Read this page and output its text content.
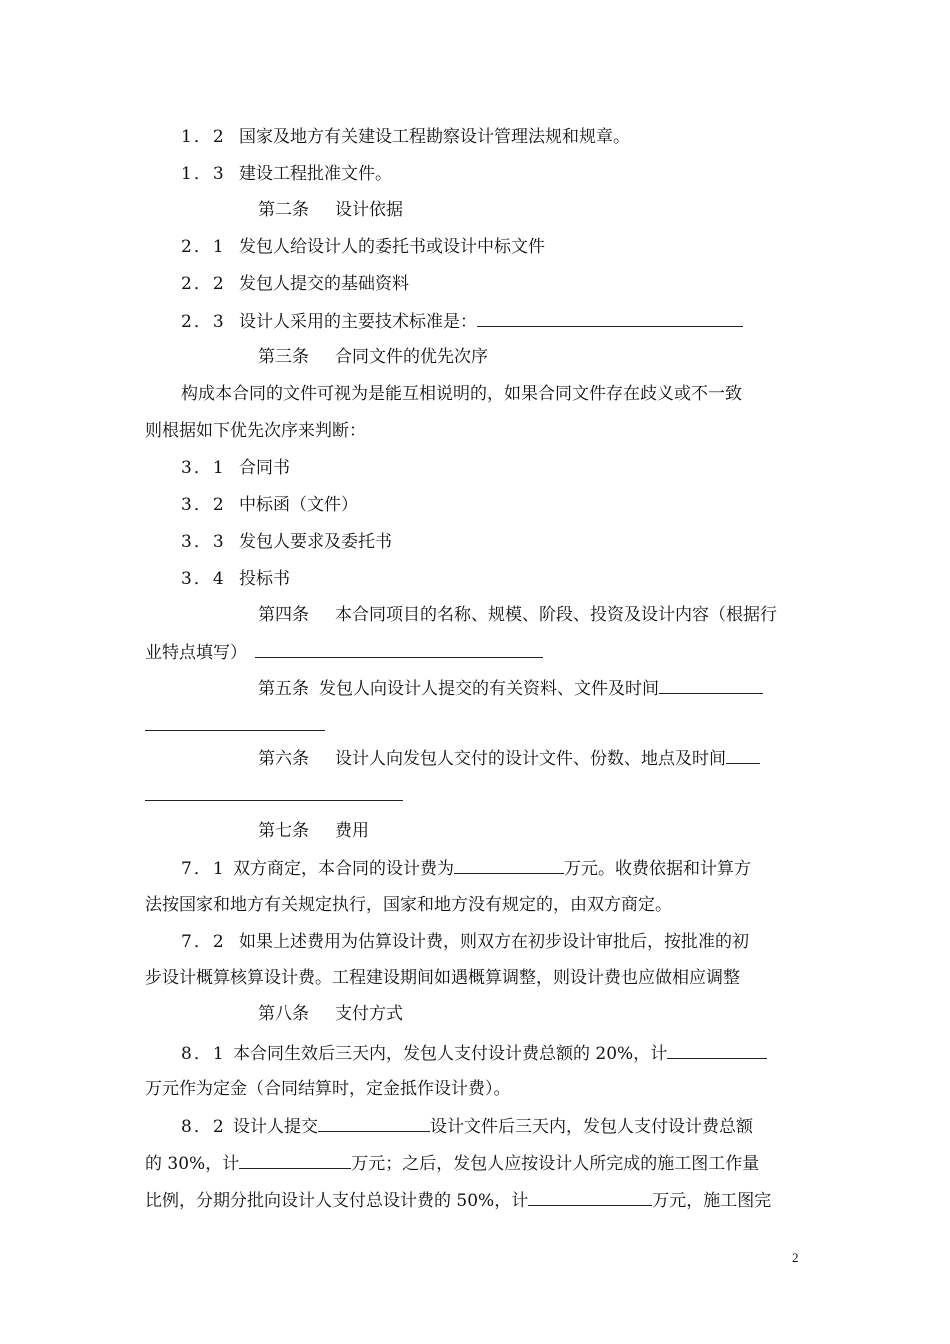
1．2 国家及地方有关建设工程勘察设计管理法规和规章。
1．3 建设工程批准文件。
第二条 设计依据
2．1 发包人给设计人的委托书或设计中标文件
2．2 发包人提交的基础资料
2．3 设计人采用的主要技术标准是：
第三条 合同文件的优先次序
构成本合同的文件可视为是能互相说明的，如果合同文件存在歧义或不一致
则根据如下优先次序来判断：
3．1 合同书
3．2 中标函（文件）
3．3 发包人要求及委托书
3．4 投标书
第四条 本合同项目的名称、规模、阶段、投资及设计内容（根据行
业特点填写）
第五条 发包人向设计人提交的有关资料、文件及时间
第六条 设计人向发包人交付的设计文件、份数、地点及时间
第七条 费用
7．1 双方商定，本合同的设计费为	万元。收费依据和计算方
法按国家和地方有关规定执行，国家和地方没有规定的，由双方商定。
7．2 如果上述费用为估算设计费，则双方在初步设计审批后，按批准的初
步设计概算核算设计费。工程建设期间如遇概算调整，则设计费也应做相应调整
第八条 支付方式
8．1 本合同生效后三天内，发包人支付设计费总额的 20%，计
万元作为定金（合同结算时，定金抵作设计费）。
8．2 设计人提交	设计文件后三天内，发包人支付设计费总额
的 30%，计	万元；之后，发包人应按设计人所完成的施工图工作量
比例，分期分批向设计人支付总设计费的 50%，计	万元，施工图完
2
